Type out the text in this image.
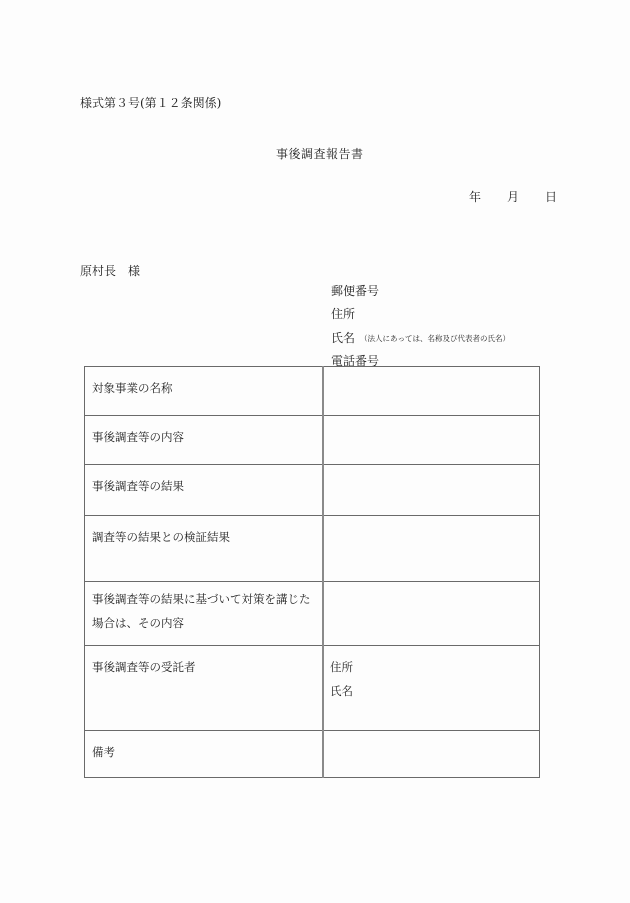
様式第３号(第１２条関係)
事後調査報告書
年 月 日
原村長 様
郵便番号
住所
氏名 （法人にあっては、名称及び代表者の氏名）
電話番号
対象事業の名称	

事後調査等の内容	

事後調査等の結果	

調査等の結果との検証結果	

事後調査等の結果に基づいて対策を講じた
場合は、その内容	

事後調査等の受託者	住所
氏名

備考	
